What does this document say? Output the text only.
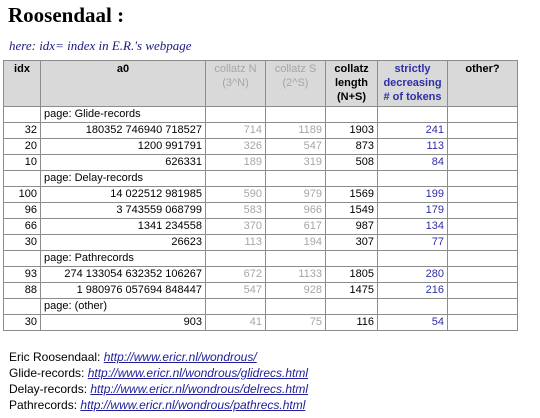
Roosendaal :
here: idx= index in E.R.'s webpage
idx	a0	collatz N (3^N)	collatz S (2^S)	collatz length (N+S)	strictly decreasing # of tokens	other?
	page: Glide-records					
32	180352 746940 718527	714	1189	1903	241	
20	1200 991791	326	547	873	113	
10	626331	189	319	508	84	
	page: Delay-records					
100	14 022512 981985	590	979	1569	199	
96	3 743559 068799	583	966	1549	179	
66	1341 234558	370	617	987	134	
30	26623	113	194	307	77	
	page: Pathrecords					
93	274 133054 632352 106267	672	1133	1805	280	
88	1 980976 057694 848447	547	928	1475	216	
	page: (other)					
30	903	41	75	116	54	
Eric Roosendaal: http://www.ericr.nl/wondrous/
Glide-records: http://www.ericr.nl/wondrous/glidrecs.html
Delay-records: http://www.ericr.nl/wondrous/delrecs.html
Pathrecords: http://www.ericr.nl/wondrous/pathrecs.html
